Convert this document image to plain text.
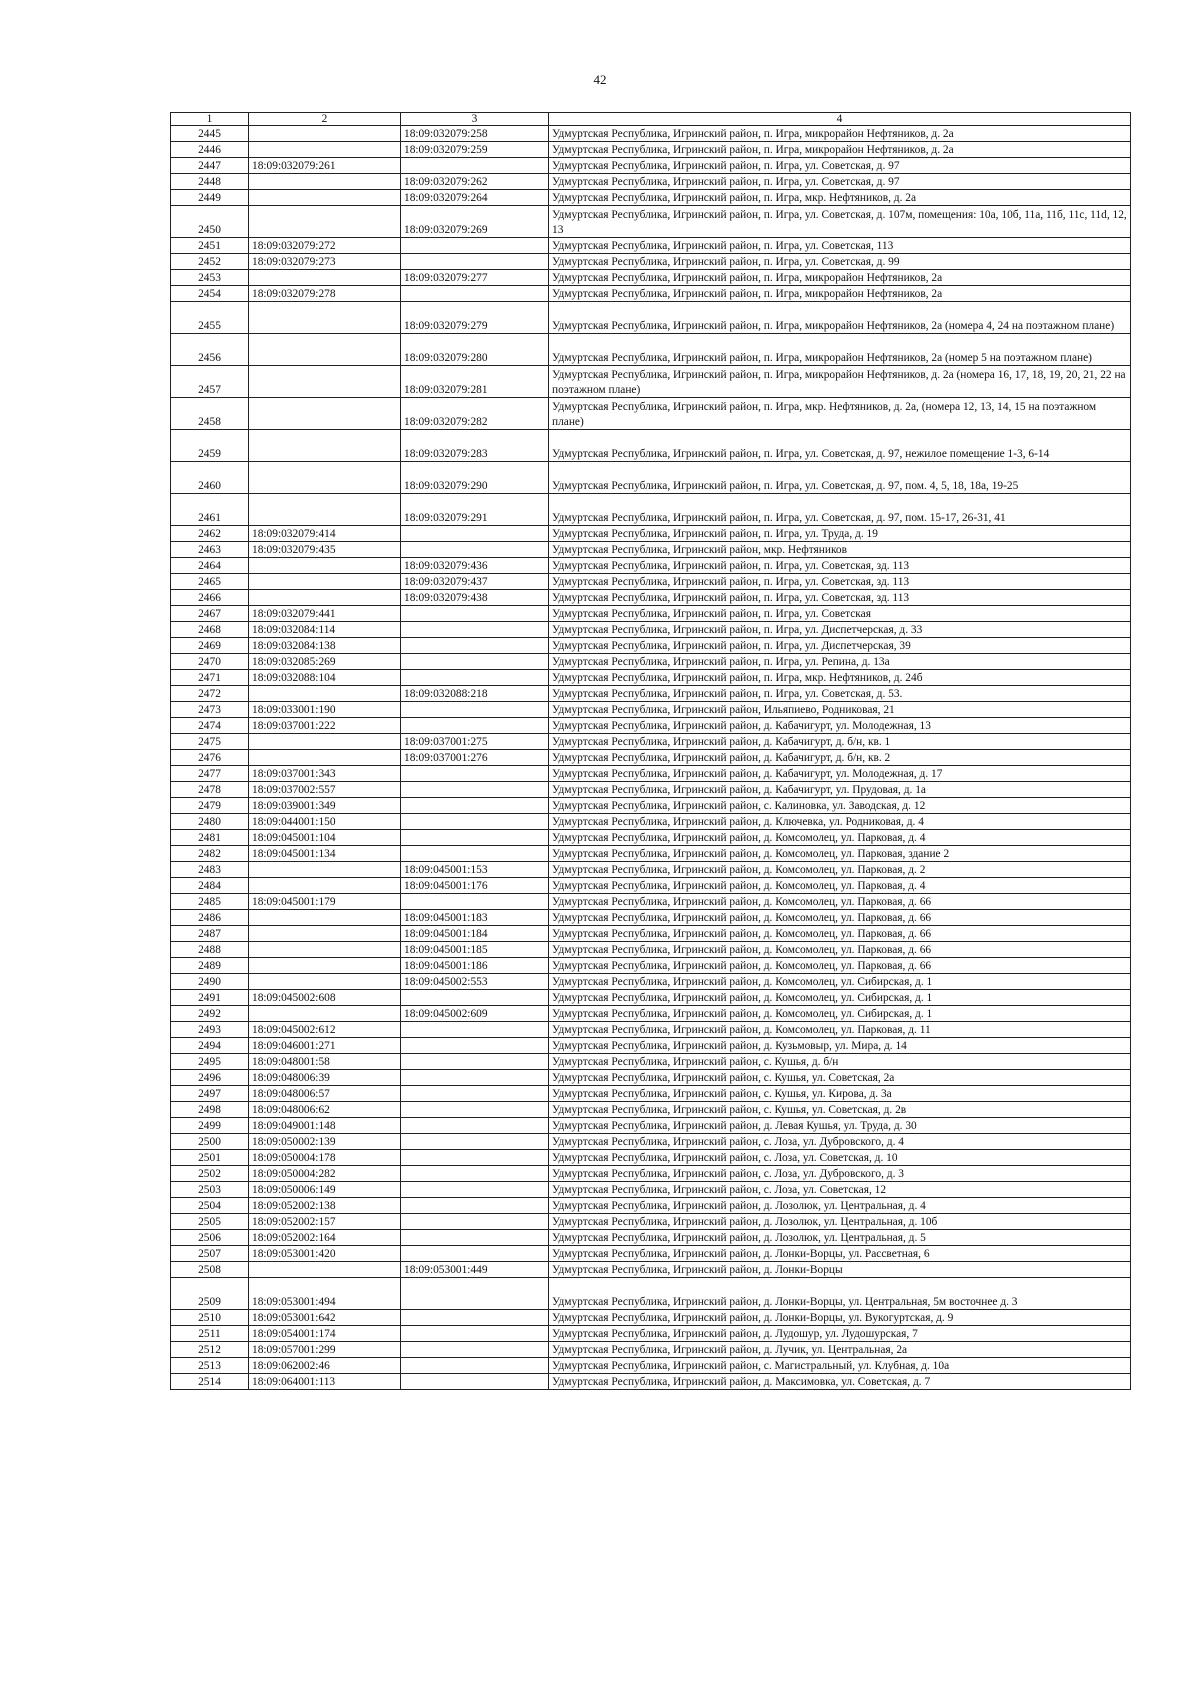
42
1	2	3	4
2445		18:09:032079:258	Удмуртская Республика, Игринский район, п. Игра, микрорайон Нефтяников, д. 2а
2446		18:09:032079:259	Удмуртская Республика, Игринский район, п. Игра, микрорайон Нефтяников, д. 2а
2447	18:09:032079:261		Удмуртская Республика, Игринский район, п. Игра, ул. Советская, д. 97
2448		18:09:032079:262	Удмуртская Республика, Игринский район, п. Игра, ул. Советская, д. 97
2449		18:09:032079:264	Удмуртская Республика, Игринский район, п. Игра, мкр. Нефтяников, д. 2а
2450		18:09:032079:269	Удмуртская Республика, Игринский район, п. Игра, ул. Советская, д. 107м, помещения: 10а, 10б, 11а, 11б, 11с, 11d, 12, 13
2451	18:09:032079:272		Удмуртская Республика, Игринский район, п. Игра, ул. Советская, 113
2452	18:09:032079:273		Удмуртская Республика, Игринский район, п. Игра, ул. Советская, д. 99
2453		18:09:032079:277	Удмуртская Республика, Игринский район, п. Игра, микрорайон Нефтяников, 2а
2454	18:09:032079:278		Удмуртская Республика, Игринский район, п. Игра, микрорайон Нефтяников, 2а
2455		18:09:032079:279	Удмуртская Республика, Игринский район, п. Игра, микрорайон Нефтяников, 2а (номера 4, 24 на поэтажном плане)
2456		18:09:032079:280	Удмуртская Республика, Игринский район, п. Игра, микрорайон Нефтяников, 2а (номер 5 на поэтажном плане)
2457		18:09:032079:281	Удмуртская Республика, Игринский район, п. Игра, микрорайон Нефтяников, д. 2а (номера 16, 17, 18, 19, 20, 21, 22 на поэтажном плане)
2458		18:09:032079:282	Удмуртская Республика, Игринский район, п. Игра, мкр. Нефтяников, д. 2а, (номера 12, 13, 14, 15 на поэтажном плане)
2459		18:09:032079:283	Удмуртская Республика, Игринский район, п. Игра, ул. Советская, д. 97, нежилое помещение 1-3, 6-14
2460		18:09:032079:290	Удмуртская Республика, Игринский район, п. Игра, ул. Советская, д. 97, пом. 4, 5, 18, 18а, 19-25
2461		18:09:032079:291	Удмуртская Республика, Игринский район, п. Игра, ул. Советская, д. 97, пом. 15-17, 26-31, 41
2462	18:09:032079:414		Удмуртская Республика, Игринский район, п. Игра, ул. Труда, д. 19
2463	18:09:032079:435		Удмуртская Республика, Игринский район, мкр. Нефтяников
2464		18:09:032079:436	Удмуртская Республика, Игринский район, п. Игра, ул. Советская, зд. 113
2465		18:09:032079:437	Удмуртская Республика, Игринский район, п. Игра, ул. Советская, зд. 113
2466		18:09:032079:438	Удмуртская Республика, Игринский район, п. Игра, ул. Советская, зд. 113
2467	18:09:032079:441		Удмуртская Республика, Игринский район, п. Игра, ул. Советская
2468	18:09:032084:114		Удмуртская Республика, Игринский район, п. Игра, ул. Диспетчерская, д. 33
2469	18:09:032084:138		Удмуртская Республика, Игринский район, п. Игра, ул. Диспетчерская, 39
2470	18:09:032085:269		Удмуртская Республика, Игринский район, п. Игра, ул. Репина, д. 13а
2471	18:09:032088:104		Удмуртская Республика, Игринский район, п. Игра, мкр. Нефтяников, д. 24б
2472		18:09:032088:218	Удмуртская Республика, Игринский район, п. Игра, ул. Советская, д. 53.
2473	18:09:033001:190		Удмуртская Республика, Игринский район, Ильяпиево, Родниковая, 21
2474	18:09:037001:222		Удмуртская Республика, Игринский район, д. Кабачигурт, ул. Молодежная, 13
2475		18:09:037001:275	Удмуртская Республика, Игринский район, д. Кабачигурт, д. б/н, кв. 1
2476		18:09:037001:276	Удмуртская Республика, Игринский район, д. Кабачигурт, д. б/н, кв. 2
2477	18:09:037001:343		Удмуртская Республика, Игринский район, д. Кабачигурт, ул. Молодежная, д. 17
2478	18:09:037002:557		Удмуртская Республика, Игринский район, д. Кабачигурт, ул. Прудовая, д. 1а
2479	18:09:039001:349		Удмуртская Республика, Игринский район, с. Калиновка, ул. Заводская, д. 12
2480	18:09:044001:150		Удмуртская Республика, Игринский район, д. Ключевка, ул. Родниковая, д. 4
2481	18:09:045001:104		Удмуртская Республика, Игринский район, д. Комсомолец, ул. Парковая, д. 4
2482	18:09:045001:134		Удмуртская Республика, Игринский район, д. Комсомолец, ул. Парковая, здание 2
2483		18:09:045001:153	Удмуртская Республика, Игринский район, д. Комсомолец, ул. Парковая, д. 2
2484		18:09:045001:176	Удмуртская Республика, Игринский район, д. Комсомолец, ул. Парковая, д. 4
2485	18:09:045001:179		Удмуртская Республика, Игринский район, д. Комсомолец, ул. Парковая, д. 66
2486		18:09:045001:183	Удмуртская Республика, Игринский район, д. Комсомолец, ул. Парковая, д. 66
2487		18:09:045001:184	Удмуртская Республика, Игринский район, д. Комсомолец, ул. Парковая, д. 66
2488		18:09:045001:185	Удмуртская Республика, Игринский район, д. Комсомолец, ул. Парковая, д. 66
2489		18:09:045001:186	Удмуртская Республика, Игринский район, д. Комсомолец, ул. Парковая, д. 66
2490		18:09:045002:553	Удмуртская Республика, Игринский район, д. Комсомолец, ул. Сибирская, д. 1
2491	18:09:045002:608		Удмуртская Республика, Игринский район, д. Комсомолец, ул. Сибирская, д. 1
2492		18:09:045002:609	Удмуртская Республика, Игринский район, д. Комсомолец, ул. Сибирская, д. 1
2493	18:09:045002:612		Удмуртская Республика, Игринский район, д. Комсомолец, ул. Парковая, д. 11
2494	18:09:046001:271		Удмуртская Республика, Игринский район, д. Кузьмовыр, ул. Мира, д. 14
2495	18:09:048001:58		Удмуртская Республика, Игринский район, с. Кушья, д. б/н
2496	18:09:048006:39		Удмуртская Республика, Игринский район, с. Кушья, ул. Советская, 2а
2497	18:09:048006:57		Удмуртская Республика, Игринский район, с. Кушья, ул. Кирова, д. 3а
2498	18:09:048006:62		Удмуртская Республика, Игринский район, с. Кушья, ул. Советская, д. 2в
2499	18:09:049001:148		Удмуртская Республика, Игринский район, д. Левая Кушья, ул. Труда, д. 30
2500	18:09:050002:139		Удмуртская Республика, Игринский район, с. Лоза, ул. Дубровского, д. 4
2501	18:09:050004:178		Удмуртская Республика, Игринский район, с. Лоза, ул. Советская, д. 10
2502	18:09:050004:282		Удмуртская Республика, Игринский район, с. Лоза, ул. Дубровского, д. 3
2503	18:09:050006:149		Удмуртская Республика, Игринский район, с. Лоза, ул. Советская, 12
2504	18:09:052002:138		Удмуртская Республика, Игринский район, д. Лозолюк, ул. Центральная, д. 4
2505	18:09:052002:157		Удмуртская Республика, Игринский район, д. Лозолюк, ул. Центральная, д. 10б
2506	18:09:052002:164		Удмуртская Республика, Игринский район, д. Лозолюк, ул. Центральная, д. 5
2507	18:09:053001:420		Удмуртская Республика, Игринский район, д. Лонки-Ворцы, ул. Рассветная, 6
2508		18:09:053001:449	Удмуртская Республика, Игринский район, д. Лонки-Ворцы
2509	18:09:053001:494		Удмуртская Республика, Игринский район, д. Лонки-Ворцы, ул. Центральная, 5м восточнее д. 3
2510	18:09:053001:642		Удмуртская Республика, Игринский район, д. Лонки-Ворцы, ул. Вукогуртская, д. 9
2511	18:09:054001:174		Удмуртская Республика, Игринский район, д. Лудошур, ул. Лудошурская, 7
2512	18:09:057001:299		Удмуртская Республика, Игринский район, д. Лучик, ул. Центральная, 2а
2513	18:09:062002:46		Удмуртская Республика, Игринский район, с. Магистральный, ул. Клубная, д. 10а
2514	18:09:064001:113		Удмуртская Республика, Игринский район, д. Максимовка, ул. Советская, д. 7
